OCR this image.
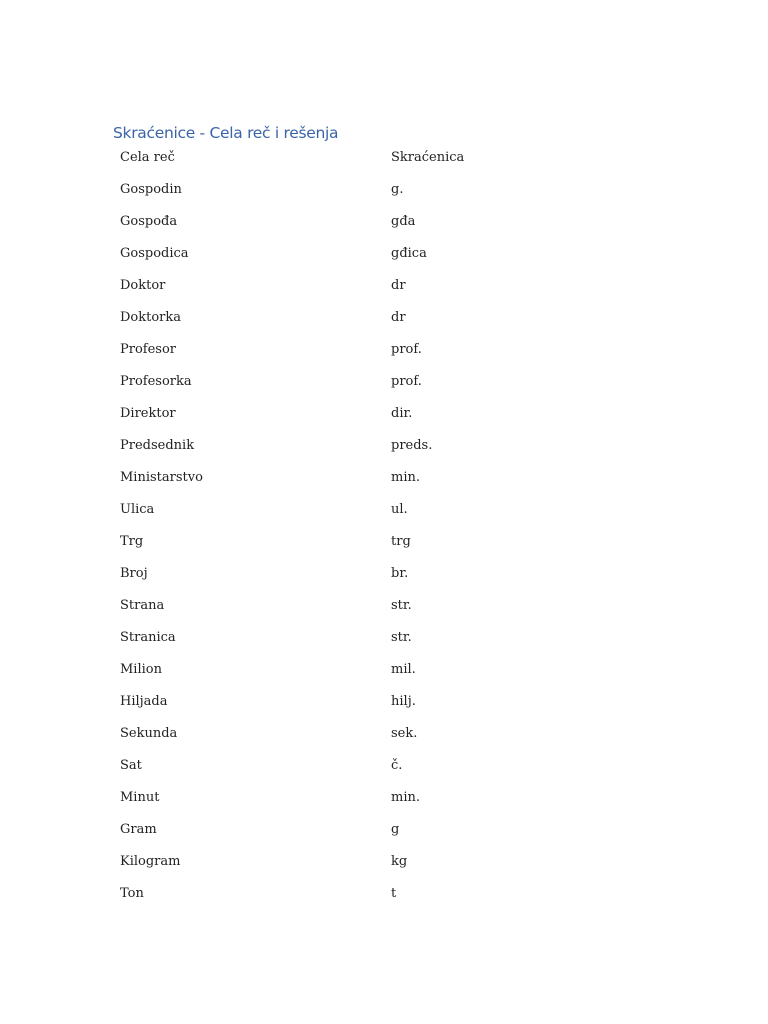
Skraćenice - Cela reč i rešenja
Cela reč	Skraćenica
Gospodin	g.
Gospođa	gđa
Gospodica	gđica
Doktor	dr
Doktorka	dr
Profesor	prof.
Profesorka	prof.
Direktor	dir.
Predsednik	preds.
Ministarstvo	min.
Ulica	ul.
Trg	trg
Broj	br.
Strana	str.
Stranica	str.
Milion	mil.
Hiljada	hilj.
Sekunda	sek.
Sat	č.
Minut	min.
Gram	g
Kilogram	kg
Ton	t
